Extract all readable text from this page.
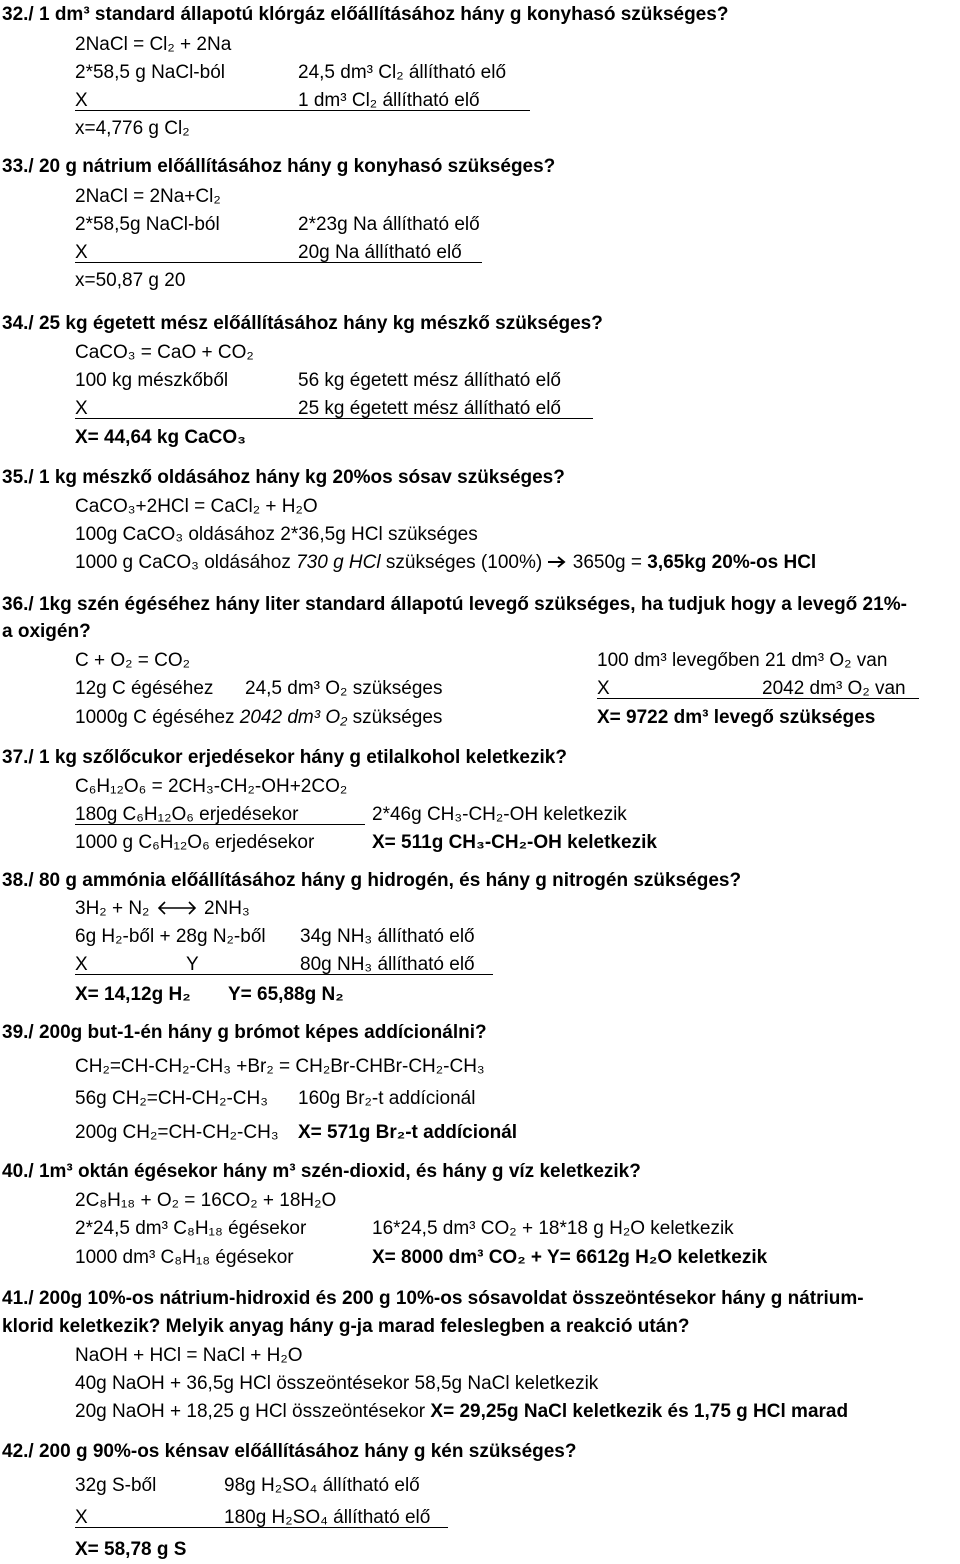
32./ 1 dm³ standard állapotú klórgáz előállításához hány g konyhasó szükséges?
2NaCl = Cl₂ + 2Na
2*58,5 g NaCl-ból	24,5 dm³ Cl₂ állítható elő
X	1 dm³ Cl₂ állítható elő
x=4,776 g Cl₂
33./ 20 g nátrium előállításához hány g konyhasó szükséges?
2NaCl = 2Na+Cl₂
2*58,5g NaCl-ból	2*23g Na állítható elő
X	20g Na állítható elő
x=50,87 g 20
34./ 25 kg égetett mész előállításához hány kg mészkő szükséges?
CaCO₃ = CaO + CO₂
100 kg mészkőből	56 kg égetett mész állítható elő
X	25 kg égetett mész állítható elő
X= 44,64 kg CaCO₃
35./ 1 kg mészkő oldásához hány kg 20%os sósav szükséges?
CaCO₃+2HCl = CaCl₂ + H₂O
100g CaCO₃ oldásához 2*36,5g HCl szükséges
1000 g CaCO₃ oldásához 730 g HCl szükséges (100%) 3650g = 3,65kg 20%-os HCl
36./ 1kg szén égéséhez hány liter standard állapotú levegő szükséges, ha tudjuk hogy a levegő 21%-
a oxigén?
C + O₂ = CO₂
12g C égéséhez 24,5 dm³ O₂ szükséges
1000g C égéséhez 2042 dm³ O₂ szükséges
100 dm³ levegőben 21 dm³ O₂ van
X	2042 dm³ O₂ van
X= 9722 dm³ levegő szükséges
37./ 1 kg szőlőcukor erjedésekor hány g etilalkohol keletkezik?
C₆H₁₂O₆ = 2CH₃-CH₂-OH+2CO₂
180g C₆H₁₂O₆ erjedésekor	2*46g CH₃-CH₂-OH keletkezik
1000 g C₆H₁₂O₆ erjedésekor	X= 511g CH₃-CH₂-OH keletkezik
38./ 80 g ammónia előállításához hány g hidrogén, és hány g nitrogén szükséges?
3H₂ + N₂	2NH₃
6g H₂-ből + 28g N₂-ből 34g NH₃ állítható elő
X	Y	80g NH₃ állítható elő
X= 14,12g H₂ Y= 65,88g N₂
39./ 200g but-1-én hány g brómot képes addícionálni?
CH₂=CH-CH₂-CH₃ +Br₂ = CH₂Br-CHBr-CH₂-CH₃
56g CH₂=CH-CH₂-CH₃ 160g Br₂-t addícionál
200g CH₂=CH-CH₂-CH₃ X= 571g Br₂-t addícionál
40./ 1m³ oktán égésekor hány m³ szén-dioxid, és hány g víz keletkezik?
2C₈H₁₈ + O₂ = 16CO₂ + 18H₂O
2*24,5 dm³ C₈H₁₈ égésekor	16*24,5 dm³ CO₂ + 18*18 g H₂O keletkezik
1000 dm³ C₈H₁₈ égésekor	X= 8000 dm³ CO₂ + Y= 6612g H₂O keletkezik
41./ 200g 10%-os nátrium-hidroxid és 200 g 10%-os sósavoldat összeöntésekor hány g nátrium-
klorid keletkezik? Melyik anyag hány g-ja marad feleslegben a reakció után?
NaOH + HCl = NaCl + H₂O
40g NaOH + 36,5g HCl összeöntésekor 58,5g NaCl keletkezik
20g NaOH + 18,25 g HCl összeöntésekor X= 29,25g NaCl keletkezik és 1,75 g HCl marad
42./ 200 g 90%-os kénsav előállításához hány g kén szükséges?
32g S-ből	98g H₂SO₄ állítható elő
X	180g H₂SO₄ állítható elő
X= 58,78 g S
